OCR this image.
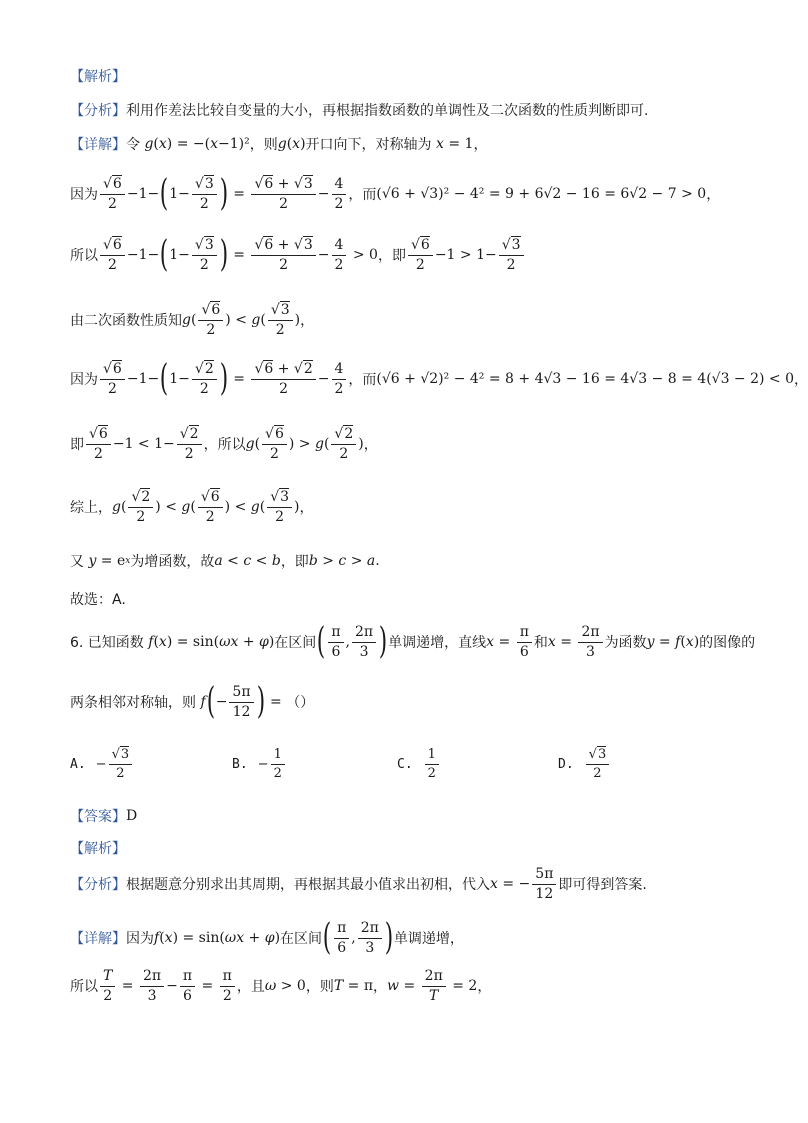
【解析】
【分析】 利用作差法比较自变量的大小，再根据指数函数的单调性及二次函数的性质判断即可.
【详解】 令 g ( x ) = −( x −1)² ，则 g ( x ) 开口向下，对称轴为 x = 1 ，
因为 √ $\frac{6}{2} -1-$ ( 1− √ $\frac{3}{2}$ ) = √ $\frac{6 + √ 3}{2} - \frac{4}{2}$ ，而 (√6 + √3)² − 4² = 9 + 6√2 − 16 = 6√2 − 7 > 0 ，
所以 √ $\frac{6}{2} -1-$ ( 1− √ $\frac{3}{2}$ ) = √ $\frac{6 + √ 3}{2} - \frac{4}{2} > 0$ ，即 √ $\frac{6}{2} -1 > 1-$ √ $\frac{3}{2}$
由二次函数性质知 g ( √ $\frac{6}{2}$ ) < g ( √ $\frac{3}{2}$ ) ，
因为 √ $\frac{6}{2} -1-$ ( 1− √ $\frac{2}{2}$ ) = √ $\frac{6 + √ 2}{2} - \frac{4}{2}$ ，而 (√6 + √2)² − 4² = 8 + 4√3 − 16 = 4√3 − 8 = 4(√3 − 2) < 0 ，
即 √ $\frac{6}{2} -1 < 1-$ √ $\frac{2}{2}$ ，所以 g ( √ $\frac{6}{2}$ ) > g ( √ $\frac{2}{2}$ ) ，
综上， g ( √ $\frac{2}{2}$ ) < g ( √ $\frac{6}{2}$ ) < g ( √ $\frac{3}{2}$ ) ，
又 y = e x 为增函数，故 a < c < b ，即 b > c > a .
故选：A.
6. 已知函数 f ( x ) = sin( ωx + φ ) 在区间 ( $\frac{\pi}{6}$ , $\frac{2\pi}{3}$ ) 单调递增，直线 $x = \frac{\pi}{6}$ 和 $x = \frac{2\pi}{3}$ 为函数 y = f ( x ) 的图像的
两条相邻对称轴，则 f ( − $\frac{5\pi}{12}$ ) = （）
A. − √ $\frac{3}{2}$	B. − $\frac{1}{2}$	C. $\frac{1}{2}$	D. √ $\frac{3}{2}$
【答案】 D
【解析】
【分析】 根据题意分别求出其周期，再根据其最小值求出初相，代入 x = − $\frac{5\pi}{12}$ 即可得到答案.
【详解】 因为 f ( x ) = sin( ωx + φ ) 在区间 ( $\frac{\pi}{6}$ , $\frac{2\pi}{3}$ ) 单调递增，
所以 $\frac{T}{2} = \frac{2\pi}{3} - \frac{\pi}{6} = \frac{\pi}{2}$ ，且 ω > 0 ，则 T = π ， $w = \frac{2\pi}{T} = 2$ ，
